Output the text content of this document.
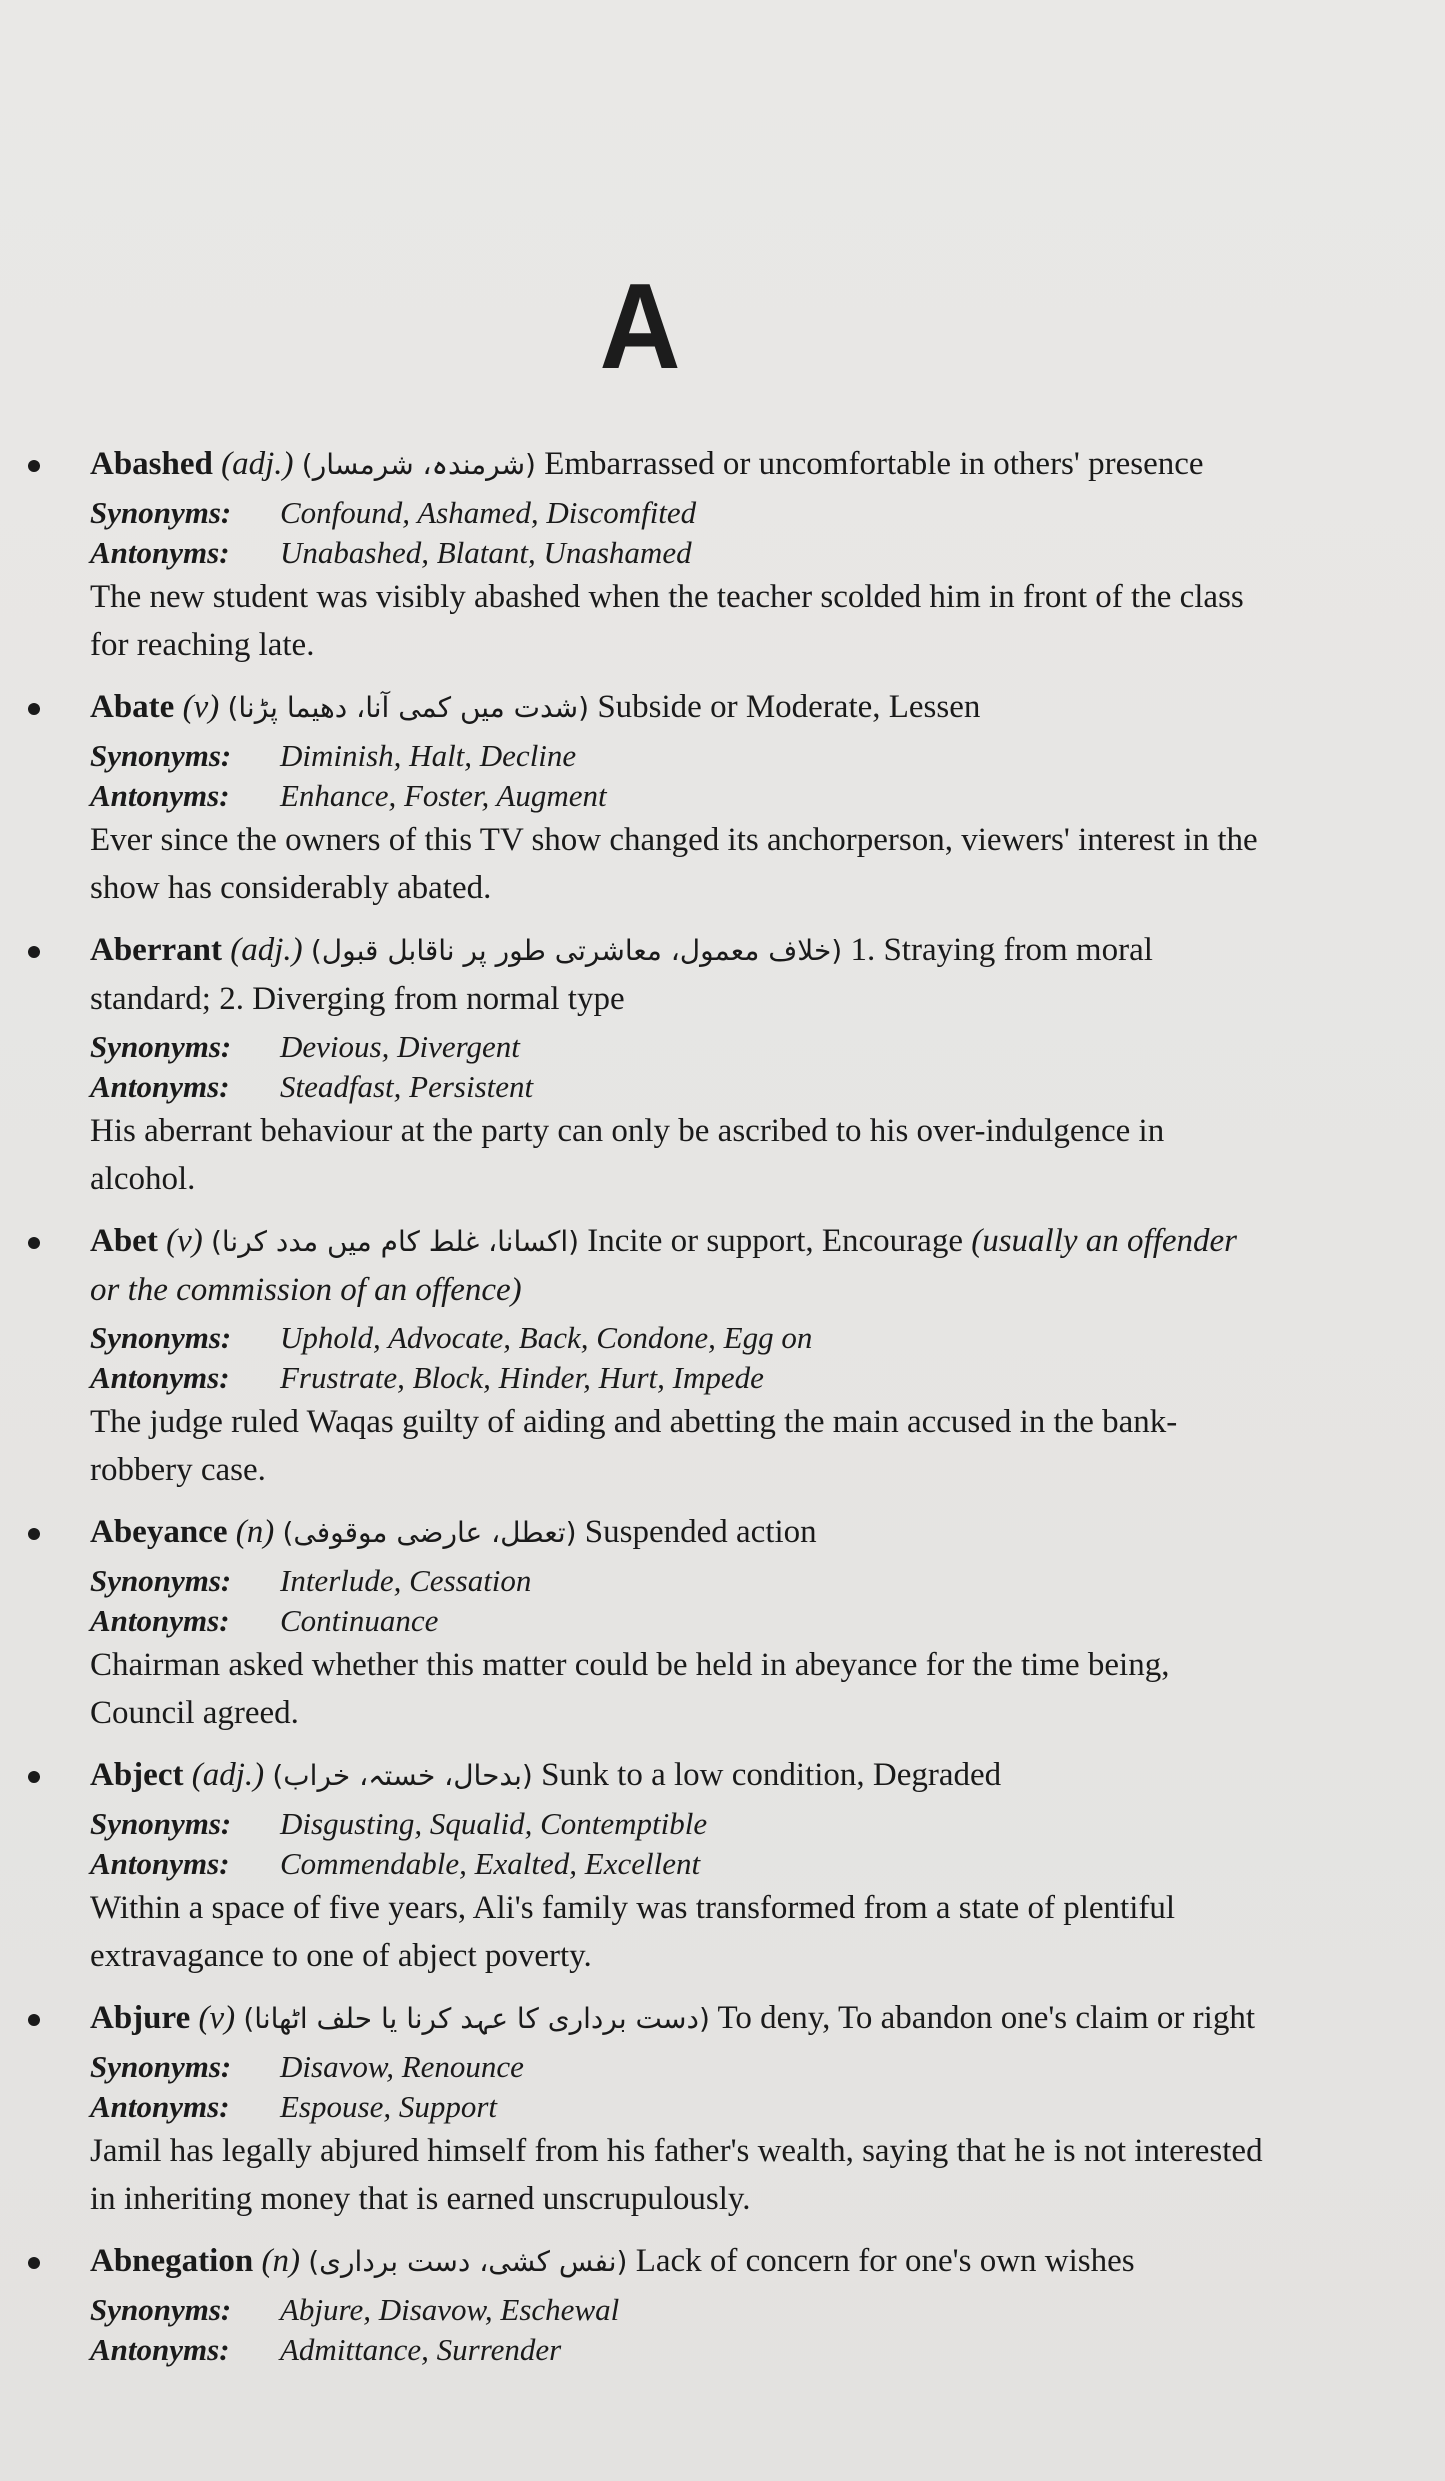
A
Abashed (adj.) (شرمندہ، شرمسار) Embarrassed or uncomfortable in others' presence
Synonyms: Confound, Ashamed, Discomfited
Antonyms: Unabashed, Blatant, Unashamed
The new student was visibly abashed when the teacher scolded him in front of the class for reaching late.
Abate (v) (شدت میں کمی آنا، دھیما پڑنا) Subside or Moderate, Lessen
Synonyms: Diminish, Halt, Decline
Antonyms: Enhance, Foster, Augment
Ever since the owners of this TV show changed its anchorperson, viewers' interest in the show has considerably abated.
Aberrant (adj.) (خلاف معمول، معاشرتی طور پر ناقابل قبول) 1. Straying from moral standard; 2. Diverging from normal type
Synonyms: Devious, Divergent
Antonyms: Steadfast, Persistent
His aberrant behaviour at the party can only be ascribed to his over-indulgence in alcohol.
Abet (v) (اکسانا، غلط کام میں مدد کرنا) Incite or support, Encourage (usually an offender or the commission of an offence)
Synonyms: Uphold, Advocate, Back, Condone, Egg on
Antonyms: Frustrate, Block, Hinder, Hurt, Impede
The judge ruled Waqas guilty of aiding and abetting the main accused in the bank-robbery case.
Abeyance (n) (تعطل، عارضی موقوفی) Suspended action
Synonyms: Interlude, Cessation
Antonyms: Continuance
Chairman asked whether this matter could be held in abeyance for the time being, Council agreed.
Abject (adj.) (بدحال، خستہ، خراب) Sunk to a low condition, Degraded
Synonyms: Disgusting, Squalid, Contemptible
Antonyms: Commendable, Exalted, Excellent
Within a space of five years, Ali's family was transformed from a state of plentiful extravagance to one of abject poverty.
Abjure (v) (دست برداری کا عہد کرنا یا حلف اٹھانا) To deny, To abandon one's claim or right
Synonyms: Disavow, Renounce
Antonyms: Espouse, Support
Jamil has legally abjured himself from his father's wealth, saying that he is not interested in inheriting money that is earned unscrupulously.
Abnegation (n) (نفس کشی، دست برداری) Lack of concern for one's own wishes
Synonyms: Abjure, Disavow, Eschewal
Antonyms: Admittance, Surrender
